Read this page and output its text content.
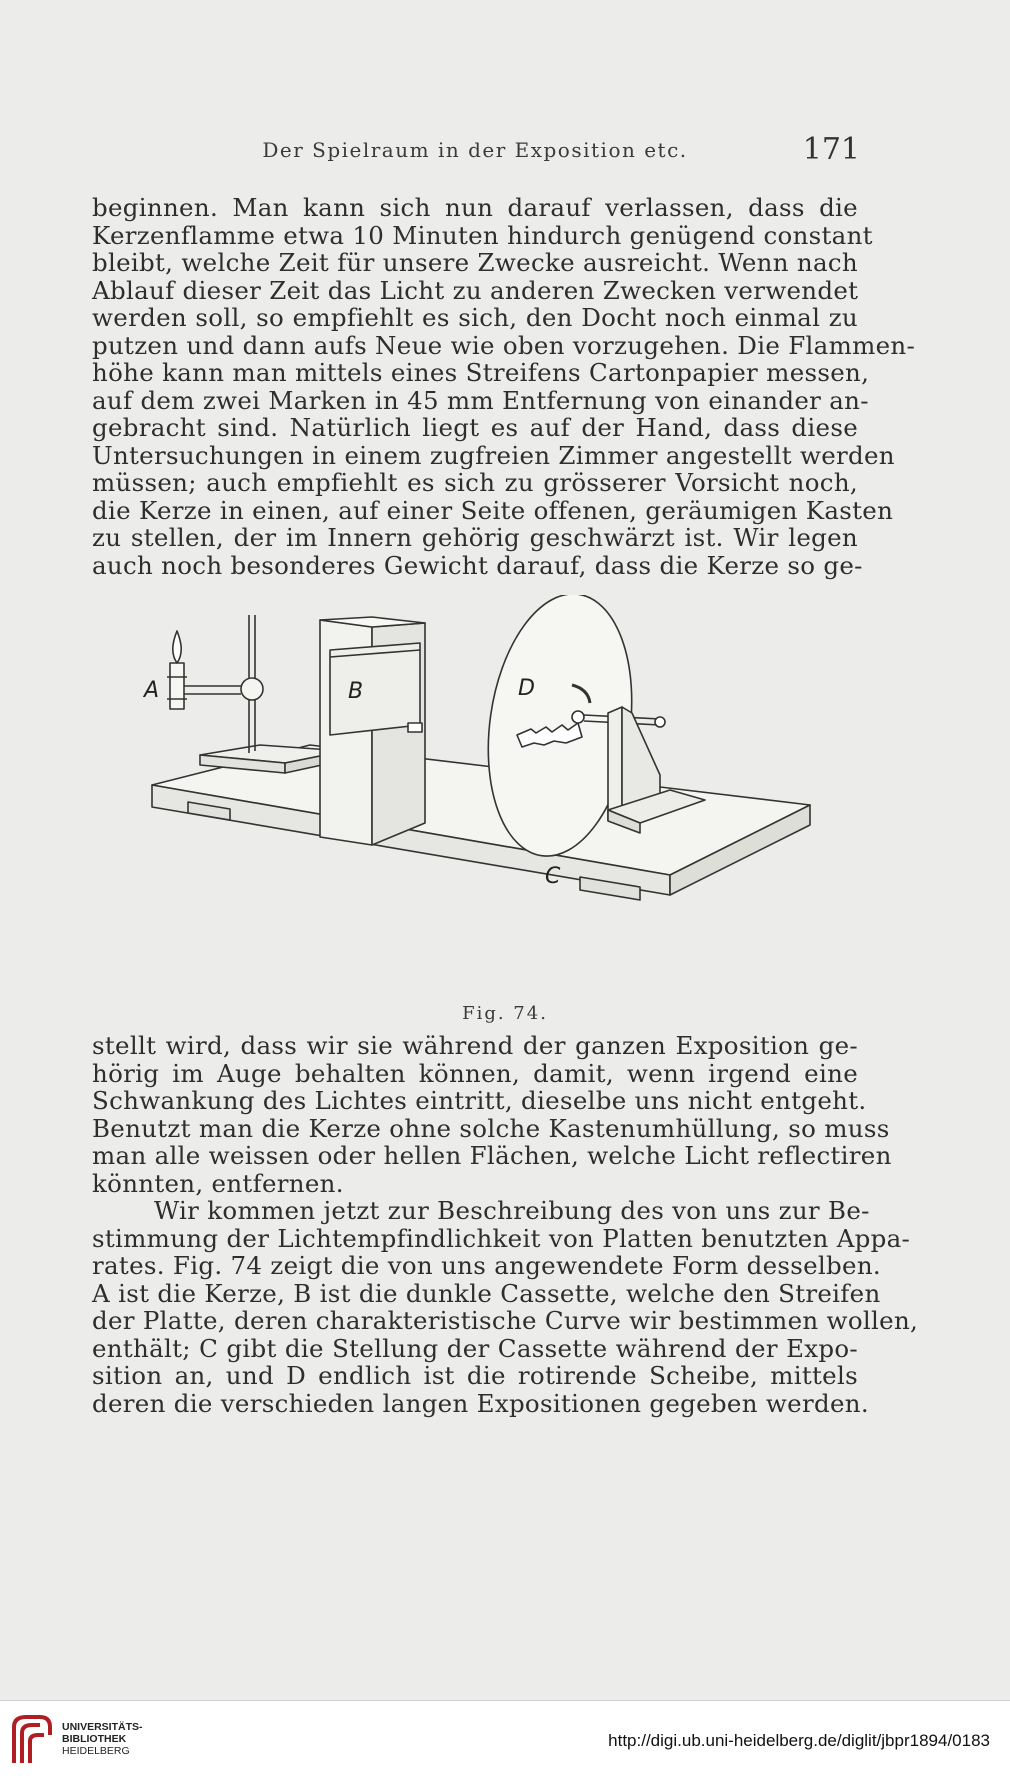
Der Spielraum in der Exposition etc.	171

beginnen. Man kann sich nun darauf verlassen, dass die
Kerzenflamme etwa 10 Minuten hindurch genügend constant
bleibt, welche Zeit für unsere Zwecke ausreicht. Wenn nach
Ablauf dieser Zeit das Licht zu anderen Zwecken verwendet
werden soll, so empfiehlt es sich, den Docht noch einmal zu
putzen und dann aufs Neue wie oben vorzugehen. Die Flammen-
höhe kann man mittels eines Streifens Cartonpapier messen,
auf dem zwei Marken in 45 mm Entfernung von einander an-
gebracht sind. Natürlich liegt es auf der Hand, dass diese
Untersuchungen in einem zugfreien Zimmer angestellt werden
müssen; auch empfiehlt es sich zu grösserer Vorsicht noch,
die Kerze in einen, auf einer Seite offenen, geräumigen Kasten
zu stellen, der im Innern gehörig geschwärzt ist. Wir legen
auch noch besonderes Gewicht darauf, dass die Kerze so ge-

A	B
C
D
Fig. 74.

stellt wird, dass wir sie während der ganzen Exposition ge-
hörig im Auge behalten können, damit, wenn irgend eine
Schwankung des Lichtes eintritt, dieselbe uns nicht entgeht.
Benutzt man die Kerze ohne solche Kastenumhüllung, so muss
man alle weissen oder hellen Flächen, welche Licht reflectiren
könnten, entfernen.

Wir kommen jetzt zur Beschreibung des von uns zur Be-
stimmung der Lichtempfindlichkeit von Platten benutzten Appa-
rates. Fig. 74 zeigt die von uns angewendete Form desselben.
A ist die Kerze, B ist die dunkle Cassette, welche den Streifen
der Platte, deren charakteristische Curve wir bestimmen wollen,
enthält; C gibt die Stellung der Cassette während der Expo-
sition an, und D endlich ist die rotirende Scheibe, mittels
deren die verschieden langen Expositionen gegeben werden.

UNIVERSITÄTS-
BIBLIOTHEK
HEIDELBERG
http://digi.ub.uni-heidelberg.de/diglit/jbpr1894/0183
